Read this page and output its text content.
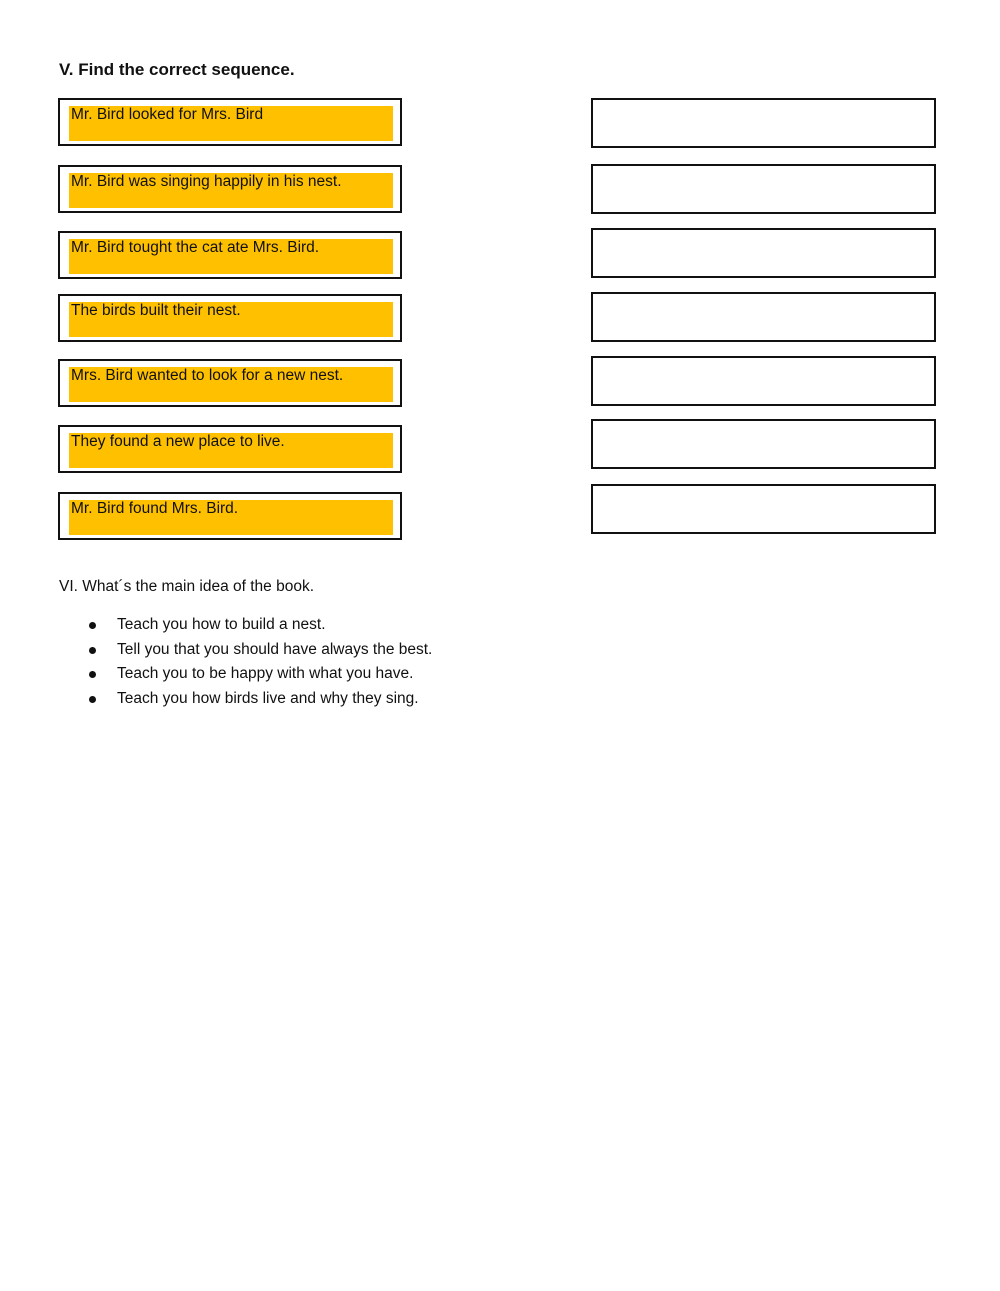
V. Find the correct sequence.
Mr. Bird looked for Mrs. Bird
Mr. Bird was singing happily in his nest.
Mr. Bird tought the cat ate Mrs. Bird.
The birds built their nest.
Mrs. Bird wanted to look for a new nest.
They found a new place to live.
Mr. Bird found Mrs. Bird.

VI. What´s the main idea of the book.

Teach you how to build a nest.
Tell you that you should have always the best.
Teach you to be happy with what you have.
Teach you how birds live and why they sing.
